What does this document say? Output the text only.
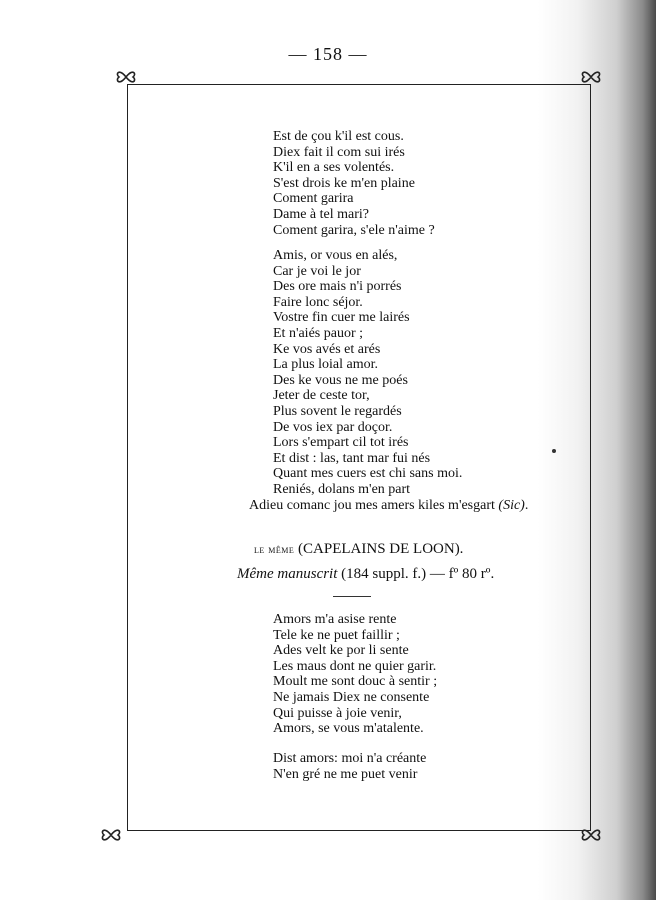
— 158 —
Est de çou k'il est cous.
Diex fait il com sui irés
K'il en a ses volentés.
S'est drois ke m'en plaine
Coment garira
Dame à tel mari?
Coment garira, s'ele n'aime ?
Amis, or vous en alés,
Car je voi le jor
Des ore mais n'i porrés
Faire lonc séjor.
Vostre fin cuer me lairés
Et n'aiés pauor ;
Ke vos avés et arés
La plus loial amor.
Des ke vous ne me poés
Jeter de ceste tor,
Plus sovent le regardés
De vos iex par doçor.
Lors s'empart cil tot irés
Et dist : las, tant mar fui nés
Quant mes cuers est chi sans moi.
Reniés, dolans m'en part
Adieu comanc jou mes amers kiles m'esgart (Sic).
le même (CAPELAINS DE LOON).
Même manuscrit (184 suppl. f.) — fº 80 rº.
Amors m'a asise rente
Tele ke ne puet faillir ;
Ades velt ke por li sente
Les maus dont ne quier garir.
Moult me sont douc à sentir ;
Ne jamais Diex ne consente
Qui puisse à joie venir,
Amors, se vous m'atalente.
Dist amors: moi n'a créante
N'en gré ne me puet venir
